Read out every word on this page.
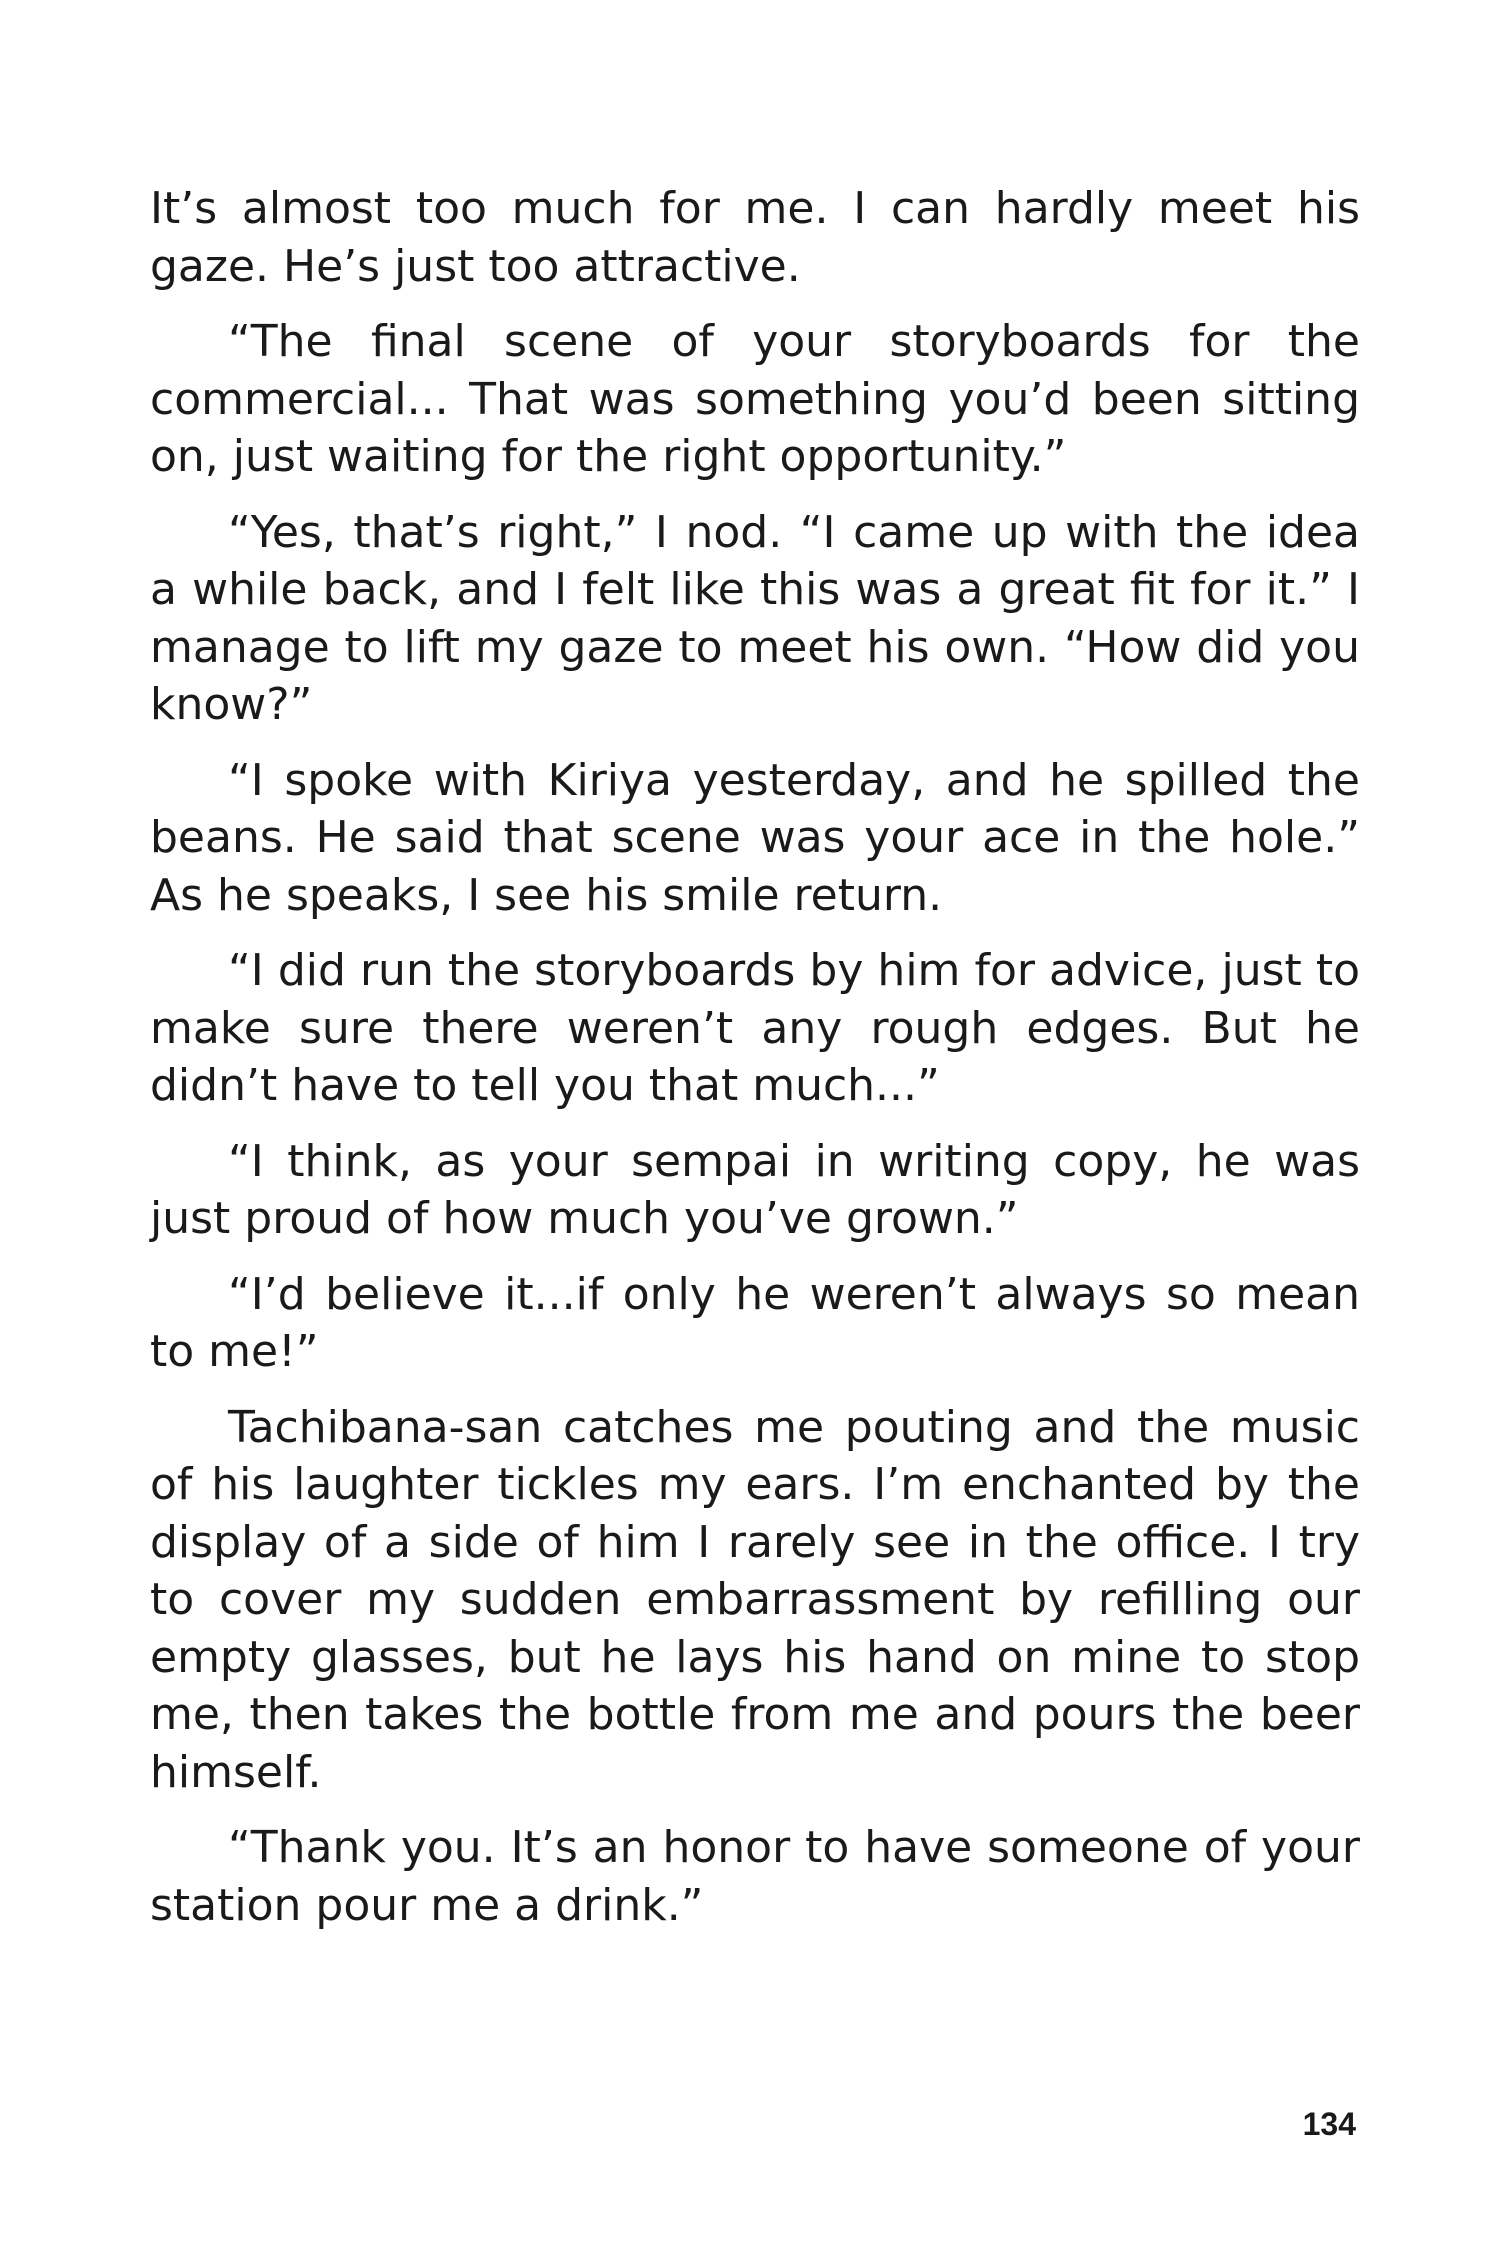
It’s almost too much for me. I can hardly meet his gaze. He’s just too attractive.

“The final scene of your storyboards for the commercial... That was something you’d been sitting on, just waiting for the right opportunity.”

“Yes, that’s right,” I nod. “I came up with the idea a while back, and I felt like this was a great fit for it.” I manage to lift my gaze to meet his own. “How did you know?”

“I spoke with Kiriya yesterday, and he spilled the beans. He said that scene was your ace in the hole.” As he speaks, I see his smile return.

“I did run the storyboards by him for advice, just to make sure there weren’t any rough edges. But he didn’t have to tell you that much...”

“I think, as your sempai in writing copy, he was just proud of how much you’ve grown.”

“I’d believe it...if only he weren’t always so mean to me!”

Tachibana-san catches me pouting and the music of his laughter tickles my ears. I’m enchanted by the display of a side of him I rarely see in the office. I try to cover my sudden embarrassment by refilling our empty glasses, but he lays his hand on mine to stop me, then takes the bottle from me and pours the beer himself.

“Thank you. It’s an honor to have someone of your station pour me a drink.”

134
